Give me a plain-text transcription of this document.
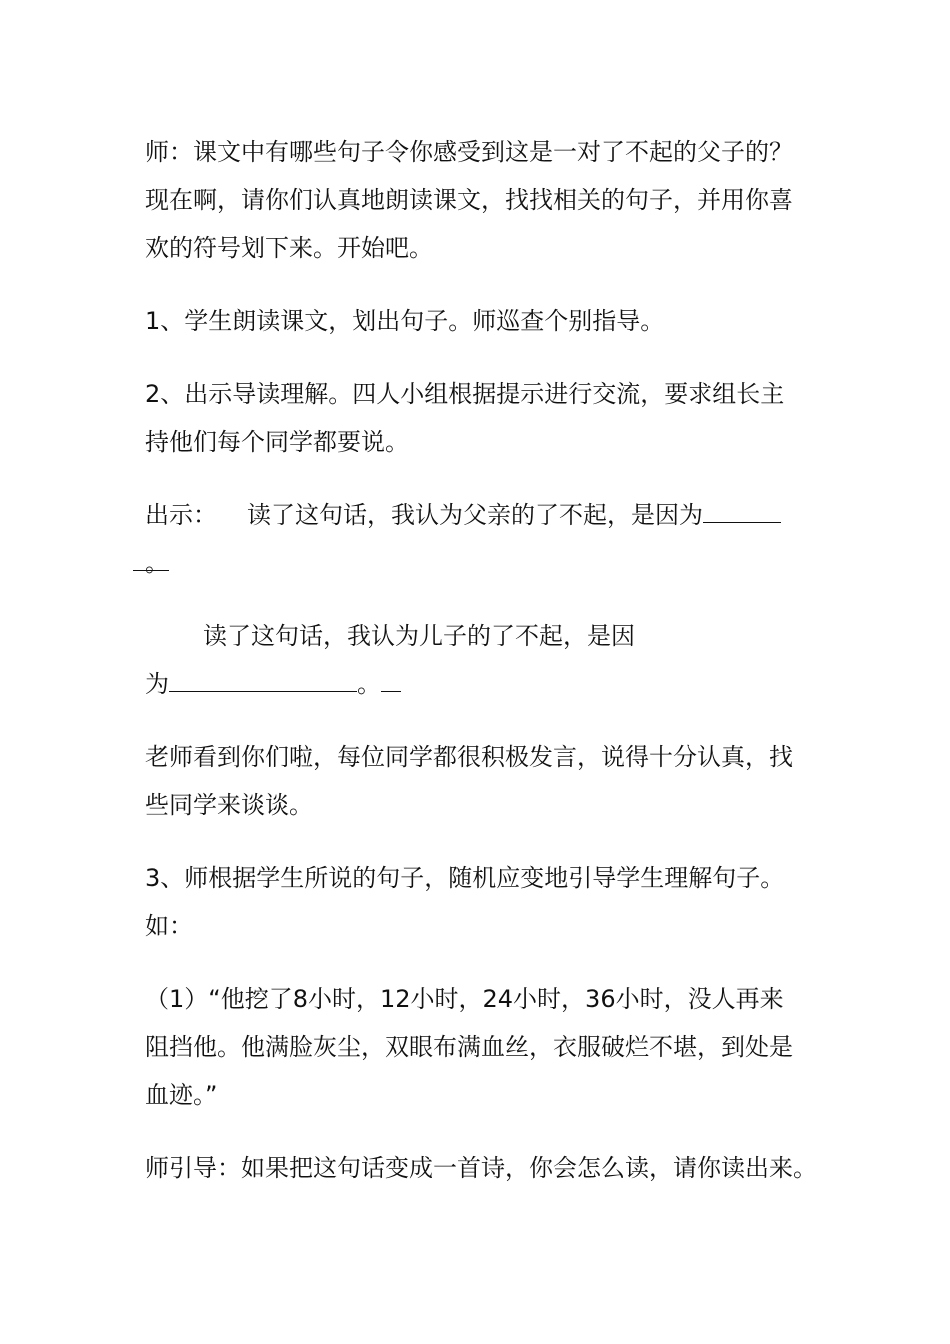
师：课文中有哪些句子令你感受到这是一对了不起的父子的？
现在啊，请你们认真地朗读课文，找找相关的句子，并用你喜
欢的符号划下来。开始吧。

1、学生朗读课文，划出句子。师巡查个别指导。

2、出示导读理解。四人小组根据提示进行交流，要求组长主
持他们每个同学都要说。

出示： 读了这句话，我认为父亲的了不起，是因为
。

读了这句话，我认为儿子的了不起，是因
为	。

老师看到你们啦，每位同学都很积极发言，说得十分认真，找
些同学来谈谈。

3、师根据学生所说的句子，随机应变地引导学生理解句子。
如：

（1）“他挖了8小时，12小时，24小时，36小时，没人再来
阻挡他。他满脸灰尘，双眼布满血丝，衣服破烂不堪，到处是
血迹。”

师引导：如果把这句话变成一首诗，你会怎么读，请你读出来。
